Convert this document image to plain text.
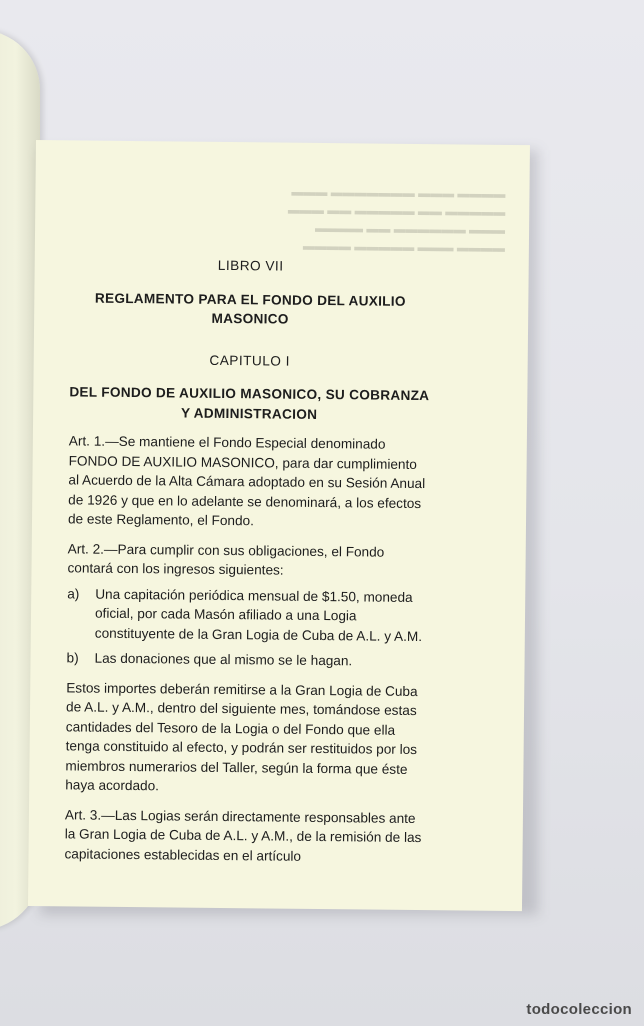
▬▬▬▬ ▬▬▬ ▬▬▬▬▬▬▬ ▬▬▬
▬▬▬▬▬ ▬▬ ▬▬▬▬▬ ▬▬ ▬▬▬
▬▬▬ ▬▬▬▬▬▬ ▬▬ ▬▬▬▬
▬▬▬▬ ▬▬▬ ▬▬▬▬▬ ▬▬▬▬
LIBRO VII
REGLAMENTO PARA EL FONDO DEL AUXILIO MASONICO
CAPITULO I
DEL FONDO DE AUXILIO MASONICO, SU COBRANZA Y ADMINISTRACION
Art. 1.—Se mantiene el Fondo Especial denominado FONDO DE AUXILIO MASONICO, para dar cumplimiento al Acuerdo de la Alta Cámara adoptado en su Sesión Anual de 1926 y que en lo adelante se denominará, a los efectos de este Reglamento, el Fondo.
Art. 2.—Para cumplir con sus obligaciones, el Fondo contará con los ingresos siguientes:
a)	Una capitación periódica mensual de $1.50, moneda oficial, por cada Masón afiliado a una Logia constituyente de la Gran Logia de Cuba de A.L. y A.M.
b)	Las donaciones que al mismo se le hagan.
Estos importes deberán remitirse a la Gran Logia de Cuba de A.L. y A.M., dentro del siguiente mes, tomándose estas cantidades del Tesoro de la Logia o del Fondo que ella tenga constituido al efecto, y podrán ser restituidos por los miembros numerarios del Taller, según la forma que éste haya acordado.
Art. 3.—Las Logias serán directamente responsables ante la Gran Logia de Cuba de A.L. y A.M., de la remisión de las capitaciones establecidas en el artículo
todocoleccion
